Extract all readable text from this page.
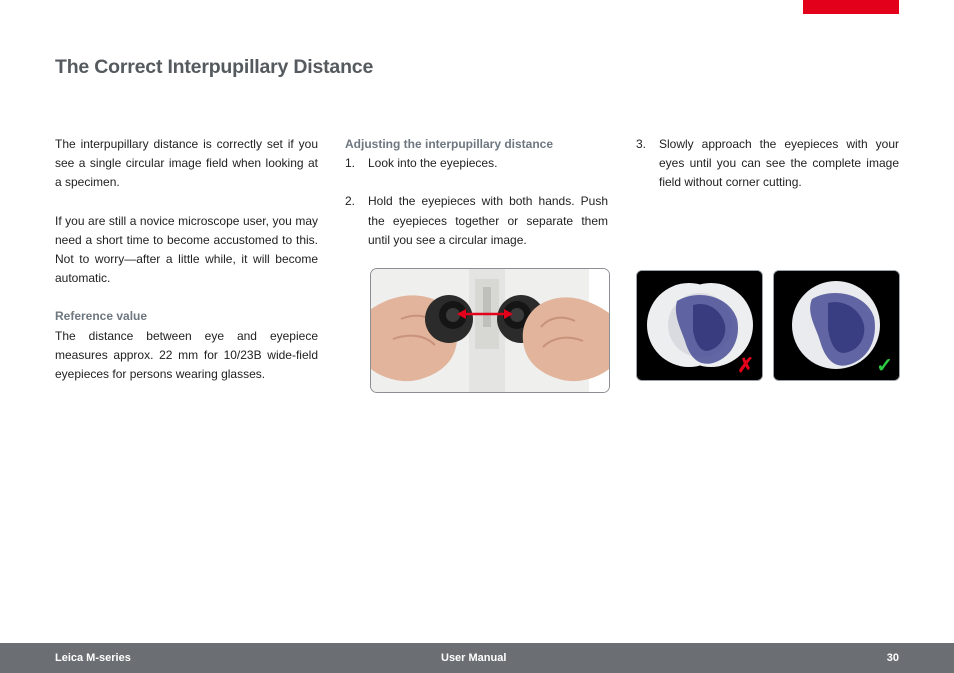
The Correct Interpupillary Distance

The interpupillary distance is correctly set if you see a single circular image field when looking at a specimen.

If you are still a novice microscope user, you may need a short time to become accustomed to this. Not to worry—after a little while, it will become automatic.

Reference value

The distance between eye and eyepiece measures approx. 22 mm for 10/23B wide-field eyepieces for persons wearing glasses.

Adjusting the interpupillary distance

1.	Look into the eyepieces.
2.	Hold the eyepieces with both hands. Push the eyepieces together or separate them until you see a circular image.
3.	Slowly approach the eyepieces with your eyes until you can see the complete image field without corner cutting.
✗	✓
Leica M-series	User Manual	30
